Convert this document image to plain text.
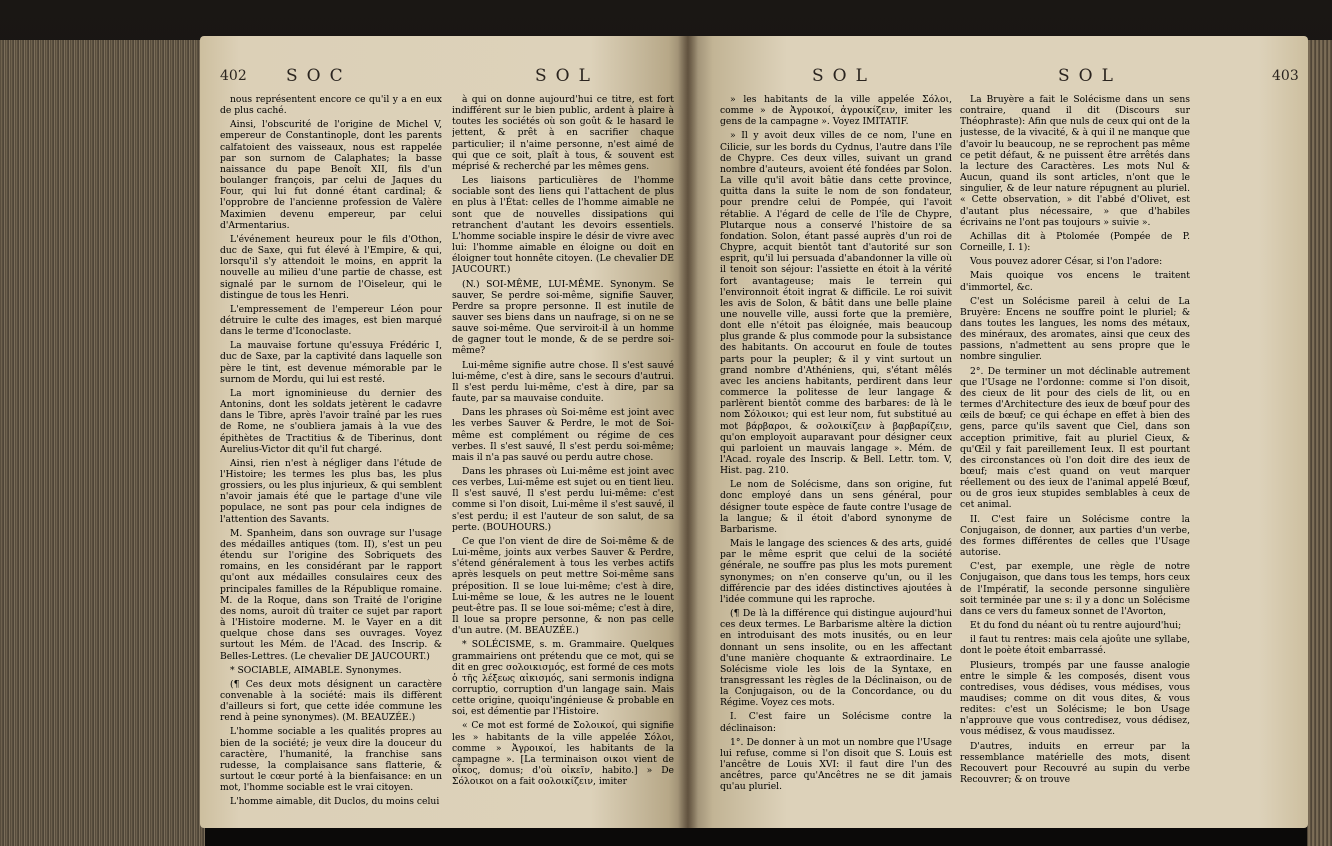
402 SOC	SOL	SOL	SOL	403

nous représentent encore ce qu'il y a en eux de plus caché.

Ainsi, l'obscurité de l'origine de Michel V, empereur de Constantinople, dont les parents calfatoient des vaisseaux, nous est rappelée par son surnom de Calaphates; la basse naissance du pape Benoît XII, fils d'un boulanger françois, par celui de Jaques du Four, qui lui fut donné étant cardinal; & l'opprobre de l'ancienne profession de Valère Maximien devenu empereur, par celui d'Armentarius.

L'événement heureux pour le fils d'Othon, duc de Saxe, qui fut élevé à l'Empire, & qui, lorsqu'il s'y attendoit le moins, en apprit la nouvelle au milieu d'une partie de chasse, est signalé par le surnom de l'Oiseleur, qui le distingue de tous les Henri.

L'empressement de l'empereur Léon pour détruire le culte des images, est bien marqué dans le terme d'Iconoclaste.

La mauvaise fortune qu'essuya Frédéric I, duc de Saxe, par la captivité dans laquelle son père le tint, est devenue mémorable par le surnom de Mordu, qui lui est resté.

La mort ignominieuse du dernier des Antonins, dont les soldats jetèrent le cadavre dans le Tibre, après l'avoir traîné par les rues de Rome, ne s'oubliera jamais à la vue des épithètes de Tractitius & de Tiberinus, dont Aurelius-Victor dit qu'il fut chargé.

Ainsi, rien n'est à négliger dans l'étude de l'Histoire; les termes les plus bas, les plus grossiers, ou les plus injurieux, & qui semblent n'avoir jamais été que le partage d'une vile populace, ne sont pas pour cela indignes de l'attention des Savants.

M. Spanheim, dans son ouvrage sur l'usage des médailles antiques (tom. II), s'est un peu étendu sur l'origine des Sobriquets des romains, en les considérant par le rapport qu'ont aux médailles consulaires ceux des principales familles de la République romaine. M. de la Roque, dans son Traité de l'origine des noms, auroit dû traiter ce sujet par raport à l'Histoire moderne. M. le Vayer en a dit quelque chose dans ses ouvrages. Voyez surtout les Mém. de l'Acad. des Inscrip. & Belles-Lettres. (Le chevalier DE JAUCOURT.)

* SOCIABLE, AIMABLE. Synonymes.

(¶ Ces deux mots désignent un caractère convenable à la société: mais ils diffèrent d'ailleurs si fort, que cette idée commune les rend à peine synonymes). (M. BEAUZÉE.)

L'homme sociable a les qualités propres au bien de la société; je veux dire la douceur du caractère, l'humanité, la franchise sans rudesse, la complaisance sans flatterie, & surtout le cœur porté à la bienfaisance: en un mot, l'homme sociable est le vrai citoyen.

L'homme aimable, dit Duclos, du moins celui

à qui on donne aujourd'hui ce titre, est fort indifférent sur le bien public, ardent à plaire à toutes les sociétés où son goût & le hasard le jettent, & prêt à en sacrifier chaque particulier; il n'aime personne, n'est aimé de qui que ce soit, plaît à tous, & souvent est méprisé & recherché par les mêmes gens.

Les liaisons particulières de l'homme sociable sont des liens qui l'attachent de plus en plus à l'État: celles de l'homme aimable ne sont que de nouvelles dissipations qui retranchent d'autant les devoirs essentiels. L'homme sociable inspire le désir de vivre avec lui: l'homme aimable en éloigne ou doit en éloigner tout honnête citoyen. (Le chevalier DE JAUCOURT.)

(N.) SOI-MÊME, LUI-MÊME. Synonym. Se sauver, Se perdre soi-même, signifie Sauver, Perdre sa propre personne. Il est inutile de sauver ses biens dans un naufrage, si on ne se sauve soi-même. Que serviroit-il à un homme de gagner tout le monde, & de se perdre soi-même?

Lui-même signifie autre chose. Il s'est sauvé lui-même, c'est à dire, sans le secours d'autrui. Il s'est perdu lui-même, c'est à dire, par sa faute, par sa mauvaise conduite.

Dans les phrases où Soi-même est joint avec les verbes Sauver & Perdre, le mot de Soi-même est complément ou régime de ces verbes. Il s'est sauvé, Il s'est perdu soi-même; mais il n'a pas sauvé ou perdu autre chose.

Dans les phrases où Lui-même est joint avec ces verbes, Lui-même est sujet ou en tient lieu. Il s'est sauvé, Il s'est perdu lui-même: c'est comme si l'on disoit, Lui-même il s'est sauvé, il s'est perdu; il est l'auteur de son salut, de sa perte. (BOUHOURS.)

Ce que l'on vient de dire de Soi-même & de Lui-même, joints aux verbes Sauver & Perdre, s'étend généralement à tous les verbes actifs après lesquels on peut mettre Soi-même sans préposition. Il se loue lui-même; c'est à dire, Lui-même se loue, & les autres ne le louent peut-être pas. Il se loue soi-même; c'est à dire, Il loue sa propre personne, & non pas celle d'un autre. (M. BEAUZÉE.)

* SOLÉCISME, s. m. Grammaire. Quelques grammairiens ont prétendu que ce mot, qui se dit en grec σολοικισμός, est formé de ces mots ὁ τῆς λέξεως αἰκισμός, sani sermonis indigna corruptio, corruption d'un langage sain. Mais cette origine, quoiqu'ingénieuse & probable en soi, est démentie par l'Histoire.

« Ce mot est formé de Σολοικοί, qui signifie les » habitants de la ville appelée Σόλοι, comme » Ἀγροικοί, les habitants de la campagne ». [La terminaison οικοι vient de οἶκος, domus; d'où οἰκεῖν, habito.] » De Σόλοικοι on a fait σολοικίζειν, imiter

» les habitants de la ville appelée Σόλοι, comme » de Ἀγροικοί, ἀγροικίζειν, imiter les gens de la campagne ». Voyez IMITATIF.

» Il y avoit deux villes de ce nom, l'une en Cilicie, sur les bords du Cydnus, l'autre dans l'île de Chypre. Ces deux villes, suivant un grand nombre d'auteurs, avoient été fondées par Solon. La ville qu'il avoit bâtie dans cette province, quitta dans la suite le nom de son fondateur, pour prendre celui de Pompée, qui l'avoit rétablie. A l'égard de celle de l'île de Chypre, Plutarque nous a conservé l'histoire de sa fondation. Solon, étant passé auprès d'un roi de Chypre, acquit bientôt tant d'autorité sur son esprit, qu'il lui persuada d'abandonner la ville où il tenoit son séjour: l'assiette en étoit à la vérité fort avantageuse; mais le terrein qui l'environnoit étoit ingrat & difficile. Le roi suivit les avis de Solon, & bâtit dans une belle plaine une nouvelle ville, aussi forte que la première, dont elle n'étoit pas éloignée, mais beaucoup plus grande & plus commode pour la subsistance des habitants. On accourut en foule de toutes parts pour la peupler; & il y vint surtout un grand nombre d'Athéniens, qui, s'étant mêlés avec les anciens habitants, perdirent dans leur commerce la politesse de leur langage & parlèrent bientôt comme des barbares: de là le nom Σόλοικοι; qui est leur nom, fut substitué au mot βάρβαροι, & σολοικίζειν à βαρβαρίζειν, qu'on employoit auparavant pour désigner ceux qui parloient un mauvais langage ». Mém. de l'Acad. royale des Inscrip. & Bell. Lettr. tom. V, Hist. pag. 210.

Le nom de Solécisme, dans son origine, fut donc employé dans un sens général, pour désigner toute espèce de faute contre l'usage de la langue; & il étoit d'abord synonyme de Barbarisme.

Mais le langage des sciences & des arts, guidé par le même esprit que celui de la société générale, ne souffre pas plus les mots purement synonymes; on n'en conserve qu'un, ou il les différencie par des idées distinctives ajoutées à l'idée commune qui les raproche.

(¶ De là la différence qui distingue aujourd'hui ces deux termes. Le Barbarisme altère la diction en introduisant des mots inusités, ou en leur donnant un sens insolite, ou en les affectant d'une manière choquante & extraordinaire. Le Solécisme viole les lois de la Syntaxe, en transgressant les règles de la Déclinaison, ou de la Conjugaison, ou de la Concordance, ou du Régime. Voyez ces mots.

I. C'est faire un Solécisme contre la déclinaison:

1°. De donner à un mot un nombre que l'Usage lui refuse, comme si l'on disoit que S. Louis est l'ancêtre de Louis XVI: il faut dire l'un des ancêtres, parce qu'Ancêtres ne se dit jamais qu'au pluriel.

La Bruyère a fait le Solécisme dans un sens contraire, quand il dit (Discours sur Théophraste): Afin que nuls de ceux qui ont de la justesse, de la vivacité, & à qui il ne manque que d'avoir lu beaucoup, ne se reprochent pas même ce petit défaut, & ne puissent être arrêtés dans la lecture des Caractères. Les mots Nul & Aucun, quand ils sont articles, n'ont que le singulier, & de leur nature répugnent au pluriel. « Cette observation, » dit l'abbé d'Olivet, est d'autant plus nécessaire, » que d'habiles écrivains ne l'ont pas toujours » suivie ».

Achillas dit à Ptolomée (Pompée de P. Corneille, I. 1):

Vous pouvez adorer César, si l'on l'adore:

Mais quoique vos encens le traitent d'immortel, &c.

C'est un Solécisme pareil à celui de La Bruyère: Encens ne souffre point le pluriel; & dans toutes les langues, les noms des métaux, des minéraux, des aromates, ainsi que ceux des passions, n'admettent au sens propre que le nombre singulier.

2°. De terminer un mot déclinable autrement que l'Usage ne l'ordonne: comme si l'on disoit, des cieux de lit pour des ciels de lit, ou en termes d'Architecture des ieux de bœuf pour des œils de bœuf; ce qui échape en effet à bien des gens, parce qu'ils savent que Ciel, dans son acception primitive, fait au pluriel Cieux, & qu'Œil y fait pareillement Ieux. Il est pourtant des circonstances où l'on doit dire des ieux de bœuf; mais c'est quand on veut marquer réellement ou des ieux de l'animal appelé Bœuf, ou de gros ieux stupides semblables à ceux de cet animal.

II. C'est faire un Solécisme contre la Conjugaison, de donner, aux parties d'un verbe, des formes différentes de celles que l'Usage autorise.

C'est, par exemple, une règle de notre Conjugaison, que dans tous les temps, hors ceux de l'Impératif, la seconde personne singulière soit terminée par une s: il y a donc un Solécisme dans ce vers du fameux sonnet de l'Avorton,

Et du fond du néant où tu rentre aujourd'hui;

il faut tu rentres: mais cela ajoûte une syllabe, dont le poète étoit embarrassé.

Plusieurs, trompés par une fausse analogie entre le simple & les composés, disent vous contredises, vous dédises, vous médises, vous maudises; comme on dit vous dites, & vous redites: c'est un Solécisme; le bon Usage n'approuve que vous contredisez, vous dédisez, vous médisez, & vous maudissez.

D'autres, induits en erreur par la ressemblance matérielle des mots, disent Recouvert pour Recouvré au supin du verbe Recouvrer; & on trouve
